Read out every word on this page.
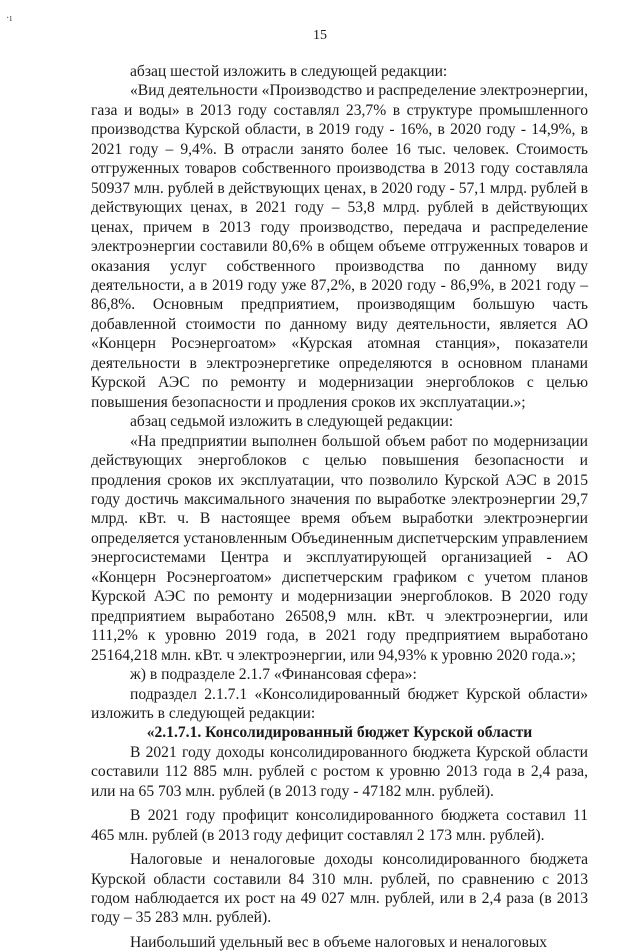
·ı
15

абзац шестой изложить в следующей редакции:

«Вид деятельности «Производство и распределение электроэнергии, газа и воды» в 2013 году составлял 23,7% в структуре промышленного производства Курской области, в 2019 году - 16%, в 2020 году - 14,9%, в 2021 году – 9,4%. В отрасли занято более 16 тыс. человек. Стоимость отгруженных товаров собственного производства в 2013 году составляла 50937 млн. рублей в действующих ценах, в 2020 году - 57,1 млрд. рублей в действующих ценах, в 2021 году – 53,8 млрд. рублей в действующих ценах, причем в 2013 году производство, передача и распределение электроэнергии составили 80,6% в общем объеме отгруженных товаров и оказания услуг собственного производства по данному виду деятельности, а в 2019 году уже 87,2%, в 2020 году - 86,9%, в 2021 году – 86,8%. Основным предприятием, производящим большую часть добавленной стоимости по данному виду деятельности, является АО «Концерн Росэнергоатом» «Курская атомная станция», показатели деятельности в электроэнергетике определяются в основном планами Курской АЭС по ремонту и модернизации энергоблоков с целью повышения безопасности и продления сроков их эксплуатации.»;

абзац седьмой изложить в следующей редакции:

«На предприятии выполнен большой объем работ по модернизации действующих энергоблоков с целью повышения безопасности и продления сроков их эксплуатации, что позволило Курской АЭС в 2015 году достичь максимального значения по выработке электроэнергии 29,7 млрд. кВт. ч. В настоящее время объем выработки электроэнергии определяется установленным Объединенным диспетчерским управлением энергосистемами Центра и эксплуатирующей организацией - АО «Концерн Росэнергоатом» диспетчерским графиком с учетом планов Курской АЭС по ремонту и модернизации энергоблоков. В 2020 году предприятием выработано 26508,9 млн. кВт. ч электроэнергии, или 111,2% к уровню 2019 года, в 2021 году предприятием выработано 25164,218 млн. кВт. ч электроэнергии, или 94,93% к уровню 2020 года.»;

ж) в подразделе 2.1.7 «Финансовая сфера»:

подраздел 2.1.7.1 «Консолидированный бюджет Курской области» изложить в следующей редакции:

«2.1.7.1. Консолидированный бюджет Курской области

В 2021 году доходы консолидированного бюджета Курской области составили 112 885 млн. рублей с ростом к уровню 2013 года в 2,4 раза, или на 65 703 млн. рублей (в 2013 году - 47182 млн. рублей).

В 2021 году профицит консолидированного бюджета составил 11 465 млн. рублей (в 2013 году дефицит составлял 2 173 млн. рублей).

Налоговые и неналоговые доходы консолидированного бюджета Курской области составили 84 310 млн. рублей, по сравнению с 2013 годом наблюдается их рост на 49 027 млн. рублей, или в 2,4 раза (в 2013 году – 35 283 млн. рублей).

Наибольший удельный вес в объеме налоговых и неналоговых
